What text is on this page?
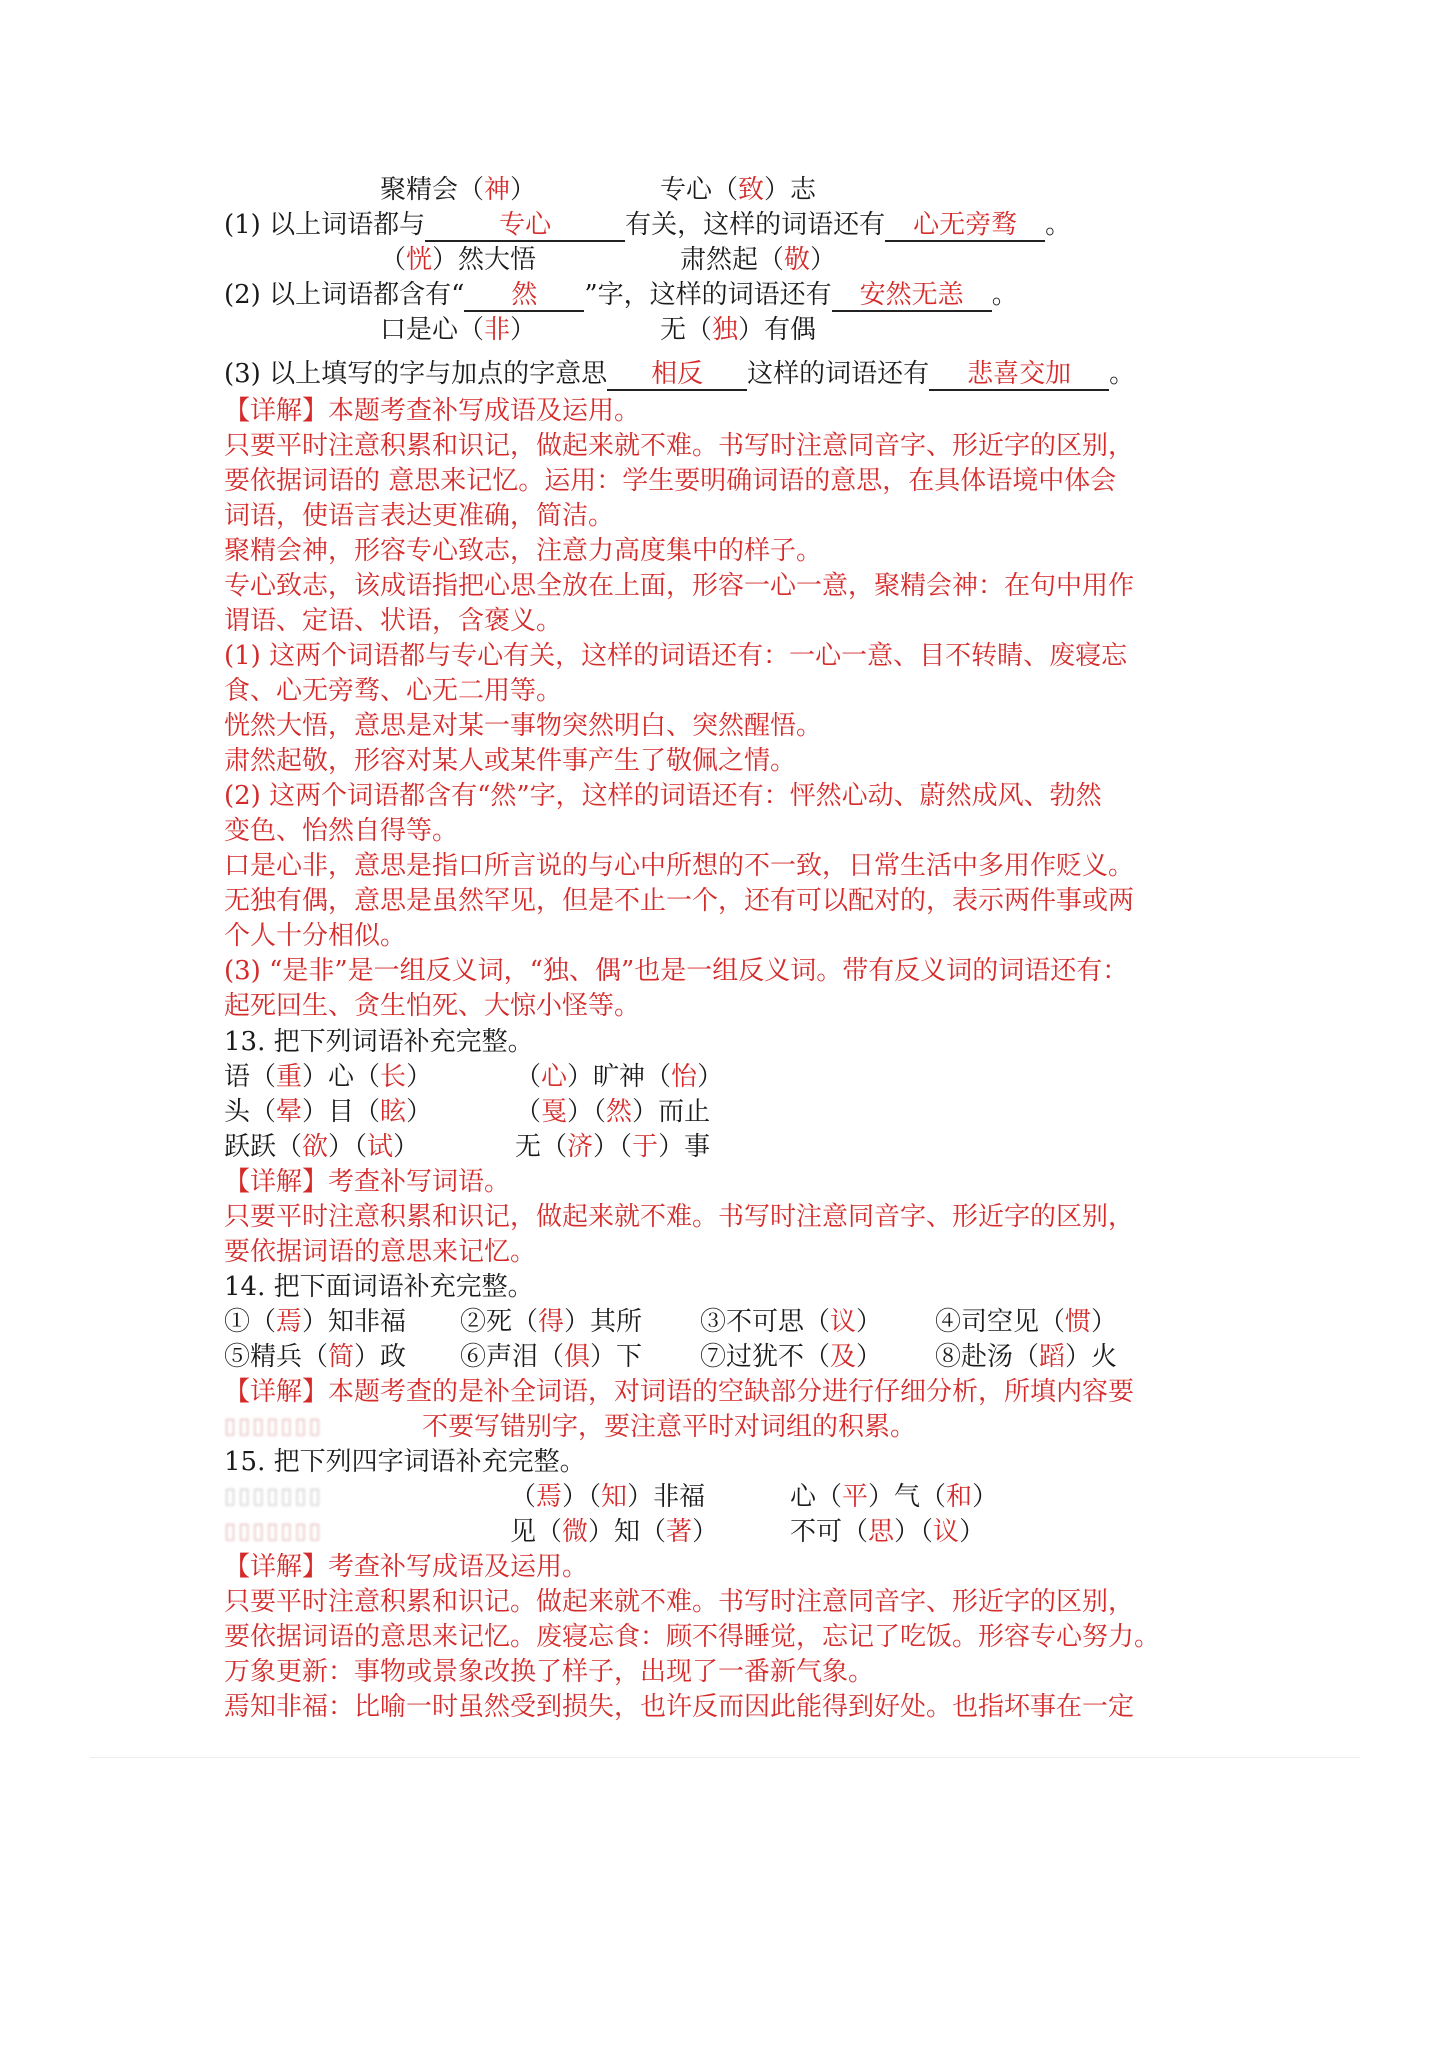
聚精会（神）	专心（致）志
(1) 以上词语都与	专心	有关，这样的词语还有 心无旁骛 。
（恍）然大悟	肃然起（敬）
(2) 以上词语都含有“ 然 ”字，这样的词语还有 安然无恙 。
口是心（非）	无（独）有偶
(3) 以上填写的字与加点的字意思 相反 这样的词语还有 悲喜交加 。
【详解】本题考查补写成语及运用。
只要平时注意积累和识记，做起来就不难。书写时注意同音字、形近字的区别，
要依据词语的 意思来记忆。运用：学生要明确词语的意思，在具体语境中体会
词语，使语言表达更准确，简洁。
聚精会神，形容专心致志，注意力高度集中的样子。
专心致志，该成语指把心思全放在上面，形容一心一意，聚精会神：在句中用作
谓语、定语、状语，含褒义。
(1) 这两个词语都与专心有关，这样的词语还有：一心一意、目不转睛、废寝忘
食、心无旁骛、心无二用等。
恍然大悟，意思是对某一事物突然明白、突然醒悟。
肃然起敬，形容对某人或某件事产生了敬佩之情。
(2) 这两个词语都含有“然”字，这样的词语还有：怦然心动、蔚然成风、勃然
变色、怡然自得等。
口是心非，意思是指口所言说的与心中所想的不一致，日常生活中多用作贬义。
无独有偶，意思是虽然罕见，但是不止一个，还有可以配对的，表示两件事或两
个人十分相似。
(3) “是非”是一组反义词，“独、偶”也是一组反义词。带有反义词的词语还有：
起死回生、贪生怕死、大惊小怪等。
13. 把下列词语补充完整。
语（重）心（长）	（心）旷神（怡）
头（晕）目（眩）	（戛）（然）而止
跃跃（欲）（试）	无（济）（于）事
【详解】考查补写词语。
只要平时注意积累和识记，做起来就不难。书写时注意同音字、形近字的区别，
要依据词语的意思来记忆。
14. 把下面词语补充完整。
①（焉）知非福 ②死（得）其所 ③不可思（议） ④司空见（惯）
⑤精兵（简）政 ⑥声泪（俱）下 ⑦过犹不（及） ⑧赴汤（蹈）火
【详解】本题考查的是补全词语，对词语的空缺部分进行仔细分析，所填内容要
不要写错别字，要注意平时对词组的积累。
▯▯▯▯▯▯▯
15. 把下列四字词语补充完整。
▯▯▯▯▯▯▯
▯▯▯▯▯▯▯
（焉）（知）非福	心（平）气（和）
见（微）知（著）	不可（思）（议）
【详解】考查补写成语及运用。
只要平时注意积累和识记。做起来就不难。书写时注意同音字、形近字的区别，
要依据词语的意思来记忆。废寝忘食：顾不得睡觉，忘记了吃饭。形容专心努力。
万象更新：事物或景象改换了样子，出现了一番新气象。
焉知非福：比喻一时虽然受到损失，也许反而因此能得到好处。也指坏事在一定
